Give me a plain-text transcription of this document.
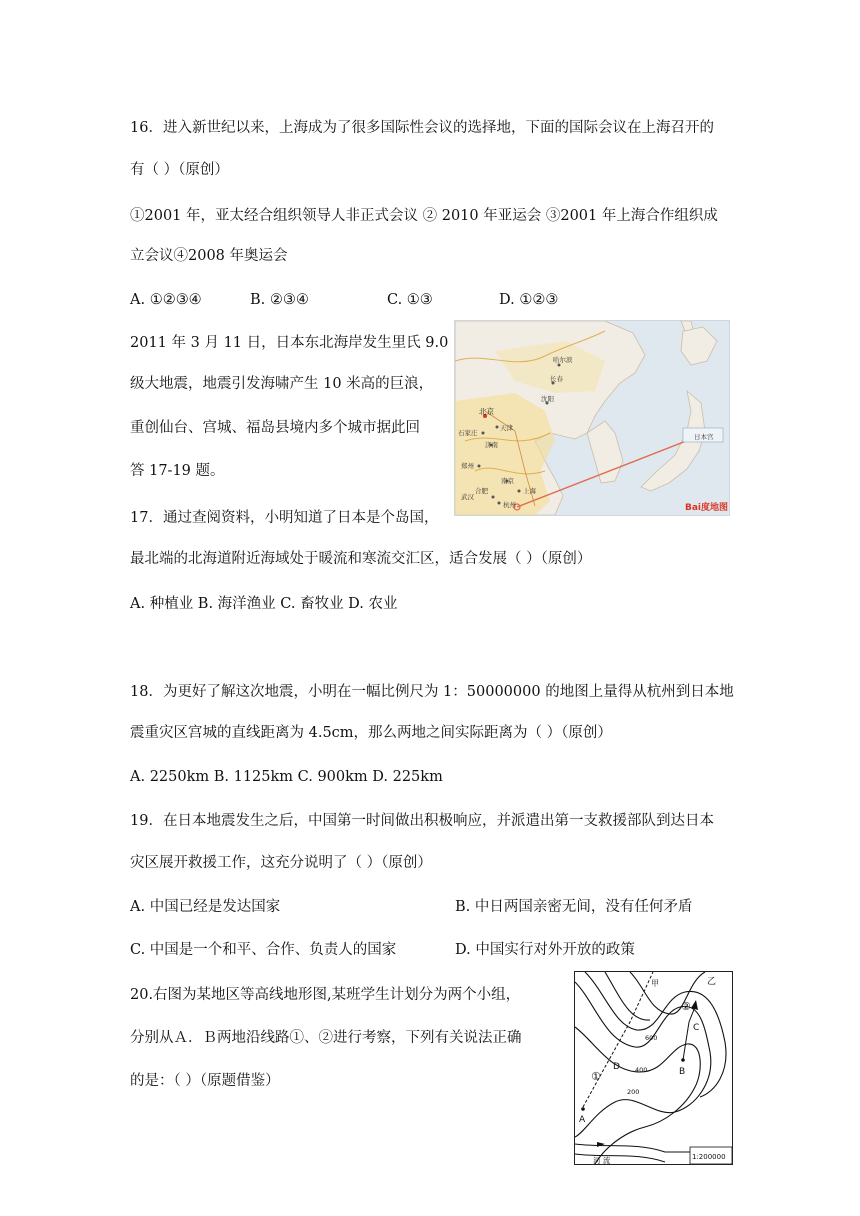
16．进入新世纪以来，上海成为了很多国际性会议的选择地，下面的国际会议在上海召开的
有（ ）（原创）
①2001 年，亚太经合组织领导人非正式会议 ② 2010 年亚运会 ③2001 年上海合作组织成
立会议④2008 年奥运会
A. ①②③④	B. ②③④	C. ①③	D. ①②③
2011 年 3 月 11 日，日本东北海岸发生里氏 9.0
级大地震，地震引发海啸产生 10 米高的巨浪，
重创仙台、宫城、福岛县境内多个城市据此回
答 17-19 题。
哈尔滨
长春
沈阳
北京
天津
石家庄
济南
郑州
南京
上海
武汉
合肥
杭州
日本宫
Bai度地图
17．通过查阅资料，小明知道了日本是个岛国，
最北端的北海道附近海域处于暖流和寒流交汇区，适合发展（ ）（原创）
A. 种植业 B. 海洋渔业 C. 畜牧业 D. 农业
18．为更好了解这次地震，小明在一幅比例尺为 1：50000000 的地图上量得从杭州到日本地
震重灾区宫城的直线距离为 4.5cm，那么两地之间实际距离为（ ）（原创）
A. 2250km B. 1125km C. 900km D. 225km
19．在日本地震发生之后，中国第一时间做出积极响应，并派遣出第一支救援部队到达日本
灾区展开救援工作，这充分说明了（ ）（原创）
A. 中国已经是发达国家	B. 中日两国亲密无间，没有任何矛盾
C. 中国是一个和平、合作、负责人的国家	D. 中国实行对外开放的政策
20.右图为某地区等高线地形图,某班学生计划分为两个小组，
分别从Ａ．Ｂ两地沿线路①、②进行考察，下列有关说法正确
的是：（ ）（原题借鉴）
甲	乙
①
②
600
400
200
A
B
C
D
河 流	1:200000
